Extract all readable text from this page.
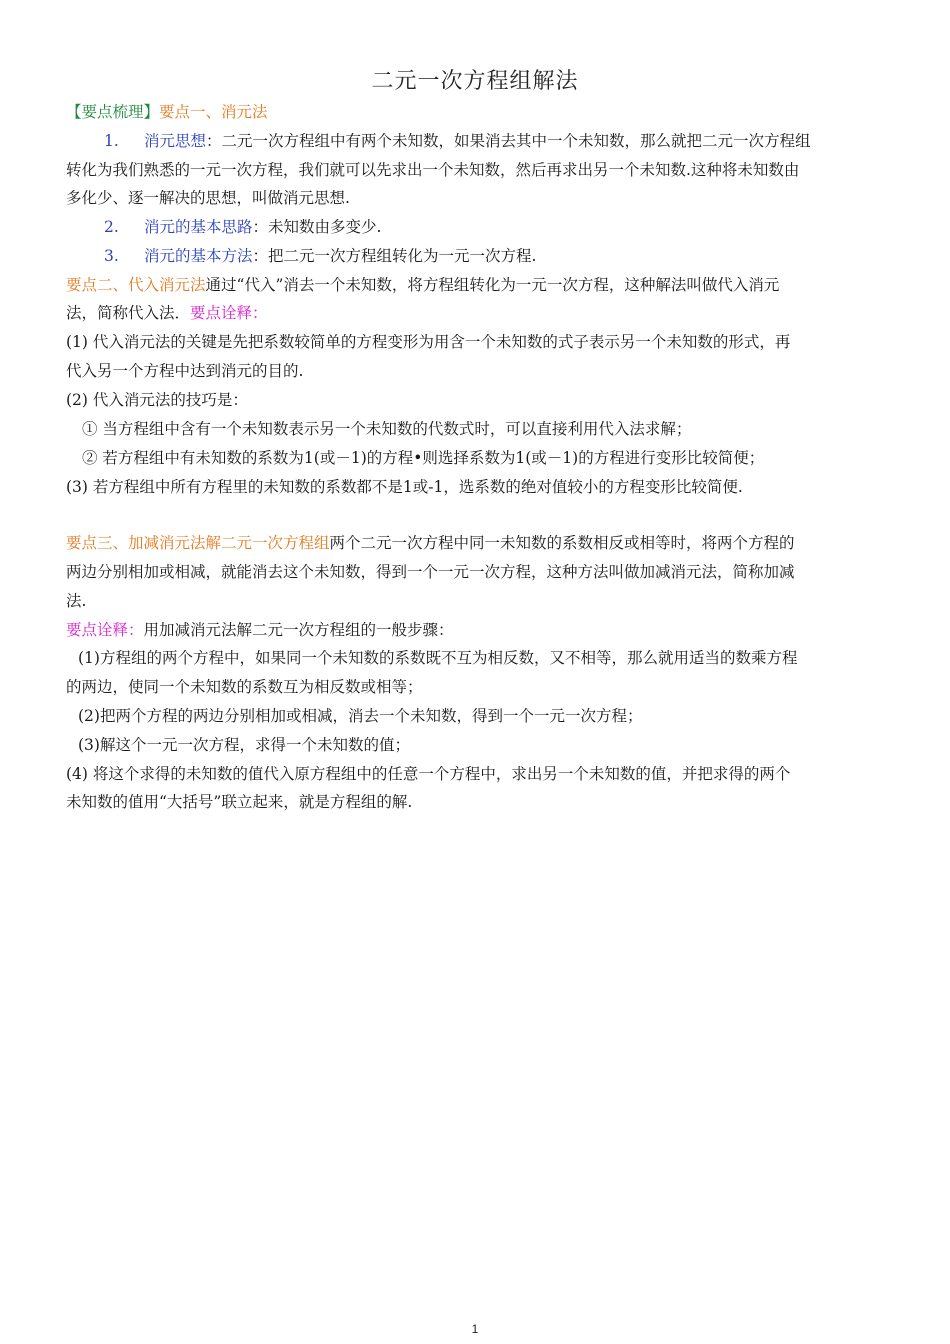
二元一次方程组解法
【要点梳理】要点一、消元法
1. 消元思想：二元一次方程组中有两个未知数，如果消去其中一个未知数，那么就把二元一次方程组
转化为我们熟悉的一元一次方程，我们就可以先求出一个未知数，然后再求出另一个未知数.这种将未知数由
多化少、逐一解决的思想，叫做消元思想.
2. 消元的基本思路：未知数由多变少.
3. 消元的基本方法：把二元一次方程组转化为一元一次方程.
要点二、代入消元法通过“代入”消去一个未知数，将方程组转化为一元一次方程，这种解法叫做代入消元
法，简称代入法．要点诠释：
(1) 代入消元法的关键是先把系数较简单的方程变形为用含一个未知数的式子表示另一个未知数的形式，再
代入另一个方程中达到消元的目的.
(2) 代入消元法的技巧是：
① 当方程组中含有一个未知数表示另一个未知数的代数式时，可以直接利用代入法求解；
② 若方程组中有未知数的系数为1(或－1)的方程•则选择系数为1(或－1)的方程进行变形比较简便；
(3) 若方程组中所有方程里的未知数的系数都不是1或-1，选系数的绝对值较小的方程变形比较简便.
要点三、加减消元法解二元一次方程组两个二元一次方程中同一未知数的系数相反或相等时，将两个方程的
两边分别相加或相减，就能消去这个未知数，得到一个一元一次方程，这种方法叫做加减消元法，简称加减
法.
要点诠释：用加减消元法解二元一次方程组的一般步骤：
(1)方程组的两个方程中，如果同一个未知数的系数既不互为相反数，又不相等，那么就用适当的数乘方程
的两边，使同一个未知数的系数互为相反数或相等；
(2)把两个方程的两边分别相加或相减，消去一个未知数，得到一个一元一次方程；
(3)解这个一元一次方程，求得一个未知数的值；
(4) 将这个求得的未知数的值代入原方程组中的任意一个方程中，求出另一个未知数的值，并把求得的两个
未知数的值用“大括号”联立起来，就是方程组的解.
1
